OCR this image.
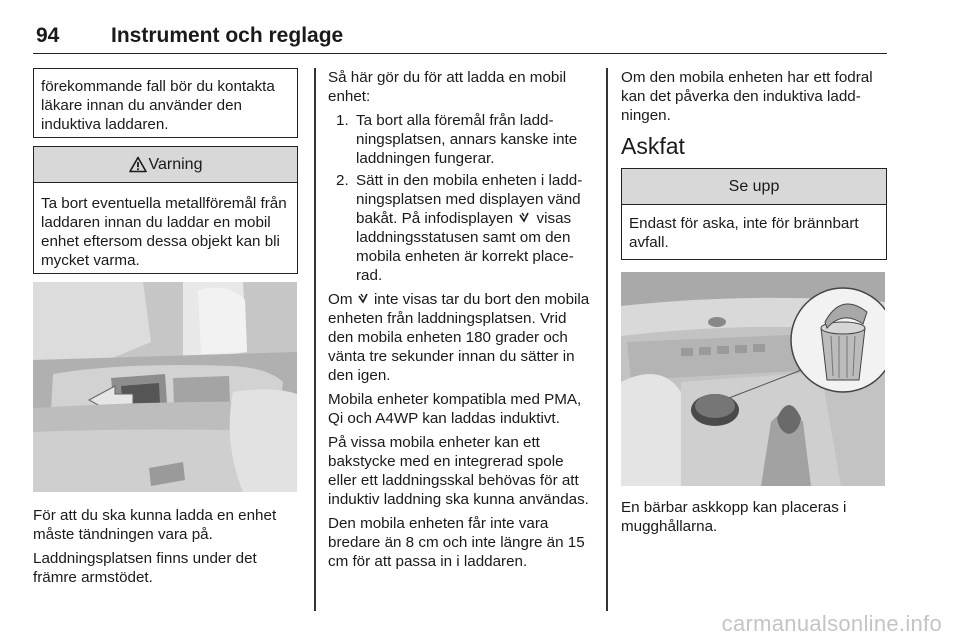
94 Instrument och reglage
förekommande fall bör du kontakta läkare innan du använder den induktiva laddaren.
Varning
Ta bort eventuella metallföremål från laddaren innan du laddar en mobil enhet eftersom dessa objekt kan bli mycket varma.

För att du ska kunna ladda en enhet måste tändningen vara på.

Laddningsplatsen finns under det främre armstödet.

Så här gör du för att ladda en mobil enhet:

1. Ta bort alla föremål från laddningsplatsen, annars kanske inte laddningen fungerar.
2. Sätt in den mobila enheten i laddningsplatsen med displayen vänd bakåt. På infodisplayen visas laddningsstatusen samt om den mobila enheten är korrekt placerad.

Om inte visas tar du bort den mobila enheten från laddningsplatsen. Vrid den mobila enheten 180 grader och vänta tre sekunder innan du sätter in den igen.

Mobila enheter kompatibla med PMA, Qi och A4WP kan laddas induktivt.

På vissa mobila enheter kan ett bakstycke med en integrerad spole eller ett laddningsskal behövas för att induktiv laddning ska kunna användas.

Den mobila enheten får inte vara bredare än 8 cm och inte längre än 15 cm för att passa in i laddaren.

Om den mobila enheten har ett fodral kan det påverka den induktiva laddningen.

Askfat
Se upp
Endast för aska, inte för brännbart avfall.

En bärbar askkopp kan placeras i mugghållarna.

carmanualsonline.info
